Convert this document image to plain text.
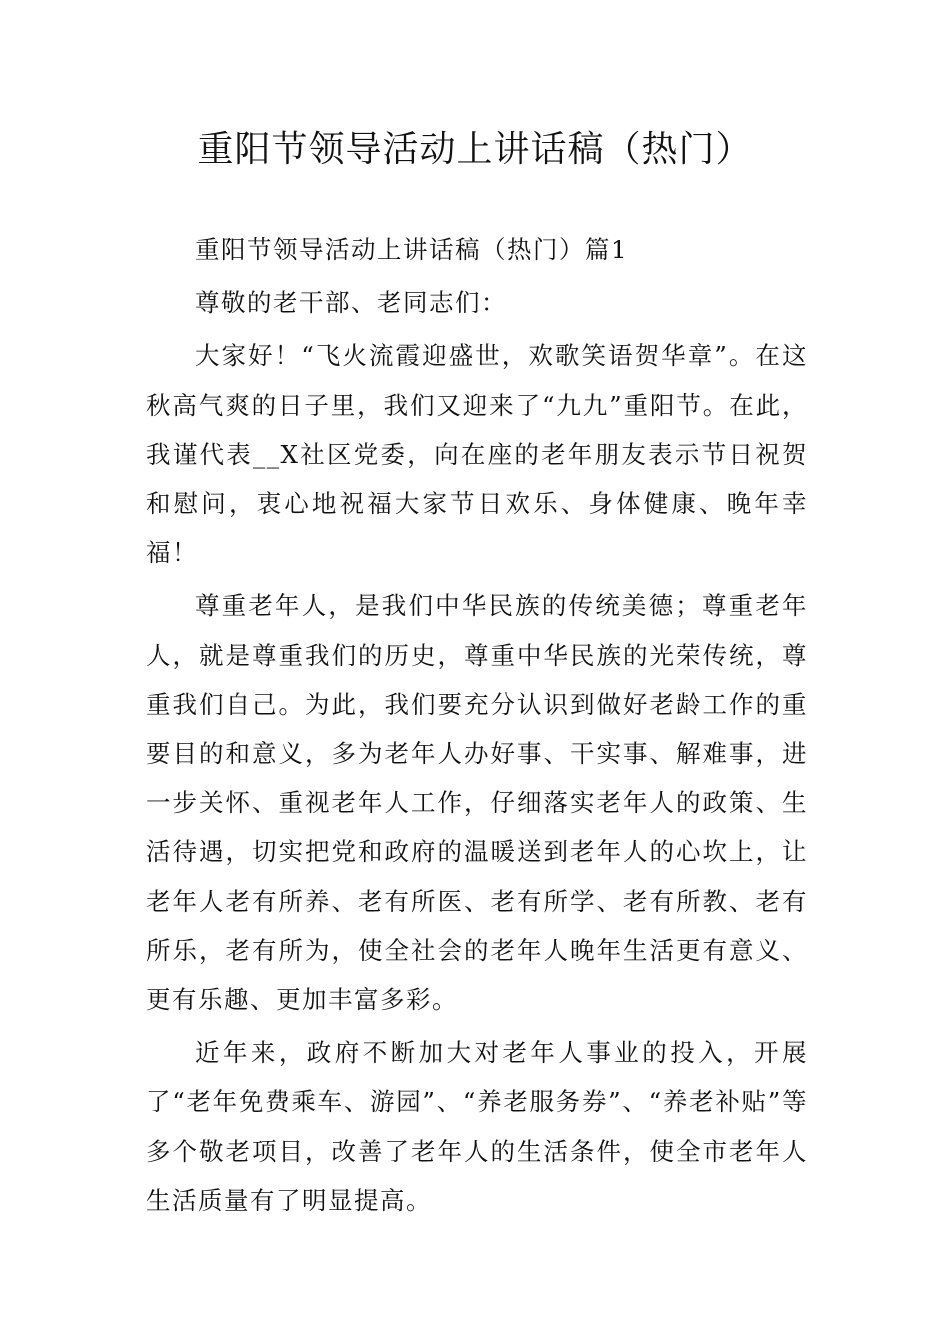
重阳节领导活动上讲话稿（热门）

重阳节领导活动上讲话稿（热门）篇1

尊敬的老干部、老同志们：

大家好！“飞火流霞迎盛世，欢歌笑语贺华章”。在这秋高气爽的日子里，我们又迎来了“九九”重阳节。在此，我谨代表__X社区党委，向在座的老年朋友表示节日祝贺和慰问，衷心地祝福大家节日欢乐、身体健康、晚年幸福！

尊重老年人，是我们中华民族的传统美德；尊重老年人，就是尊重我们的历史，尊重中华民族的光荣传统，尊重我们自己。为此，我们要充分认识到做好老龄工作的重要目的和意义，多为老年人办好事、干实事、解难事，进一步关怀、重视老年人工作，仔细落实老年人的政策、生活待遇，切实把党和政府的温暖送到老年人的心坎上，让老年人老有所养、老有所医、老有所学、老有所教、老有所乐，老有所为，使全社会的老年人晚年生活更有意义、更有乐趣、更加丰富多彩。

近年来，政府不断加大对老年人事业的投入，开展了“老年免费乘车、游园”、“养老服务券”、“养老补贴”等多个敬老项目，改善了老年人的生活条件，使全市老年人生活质量有了明显提高。
